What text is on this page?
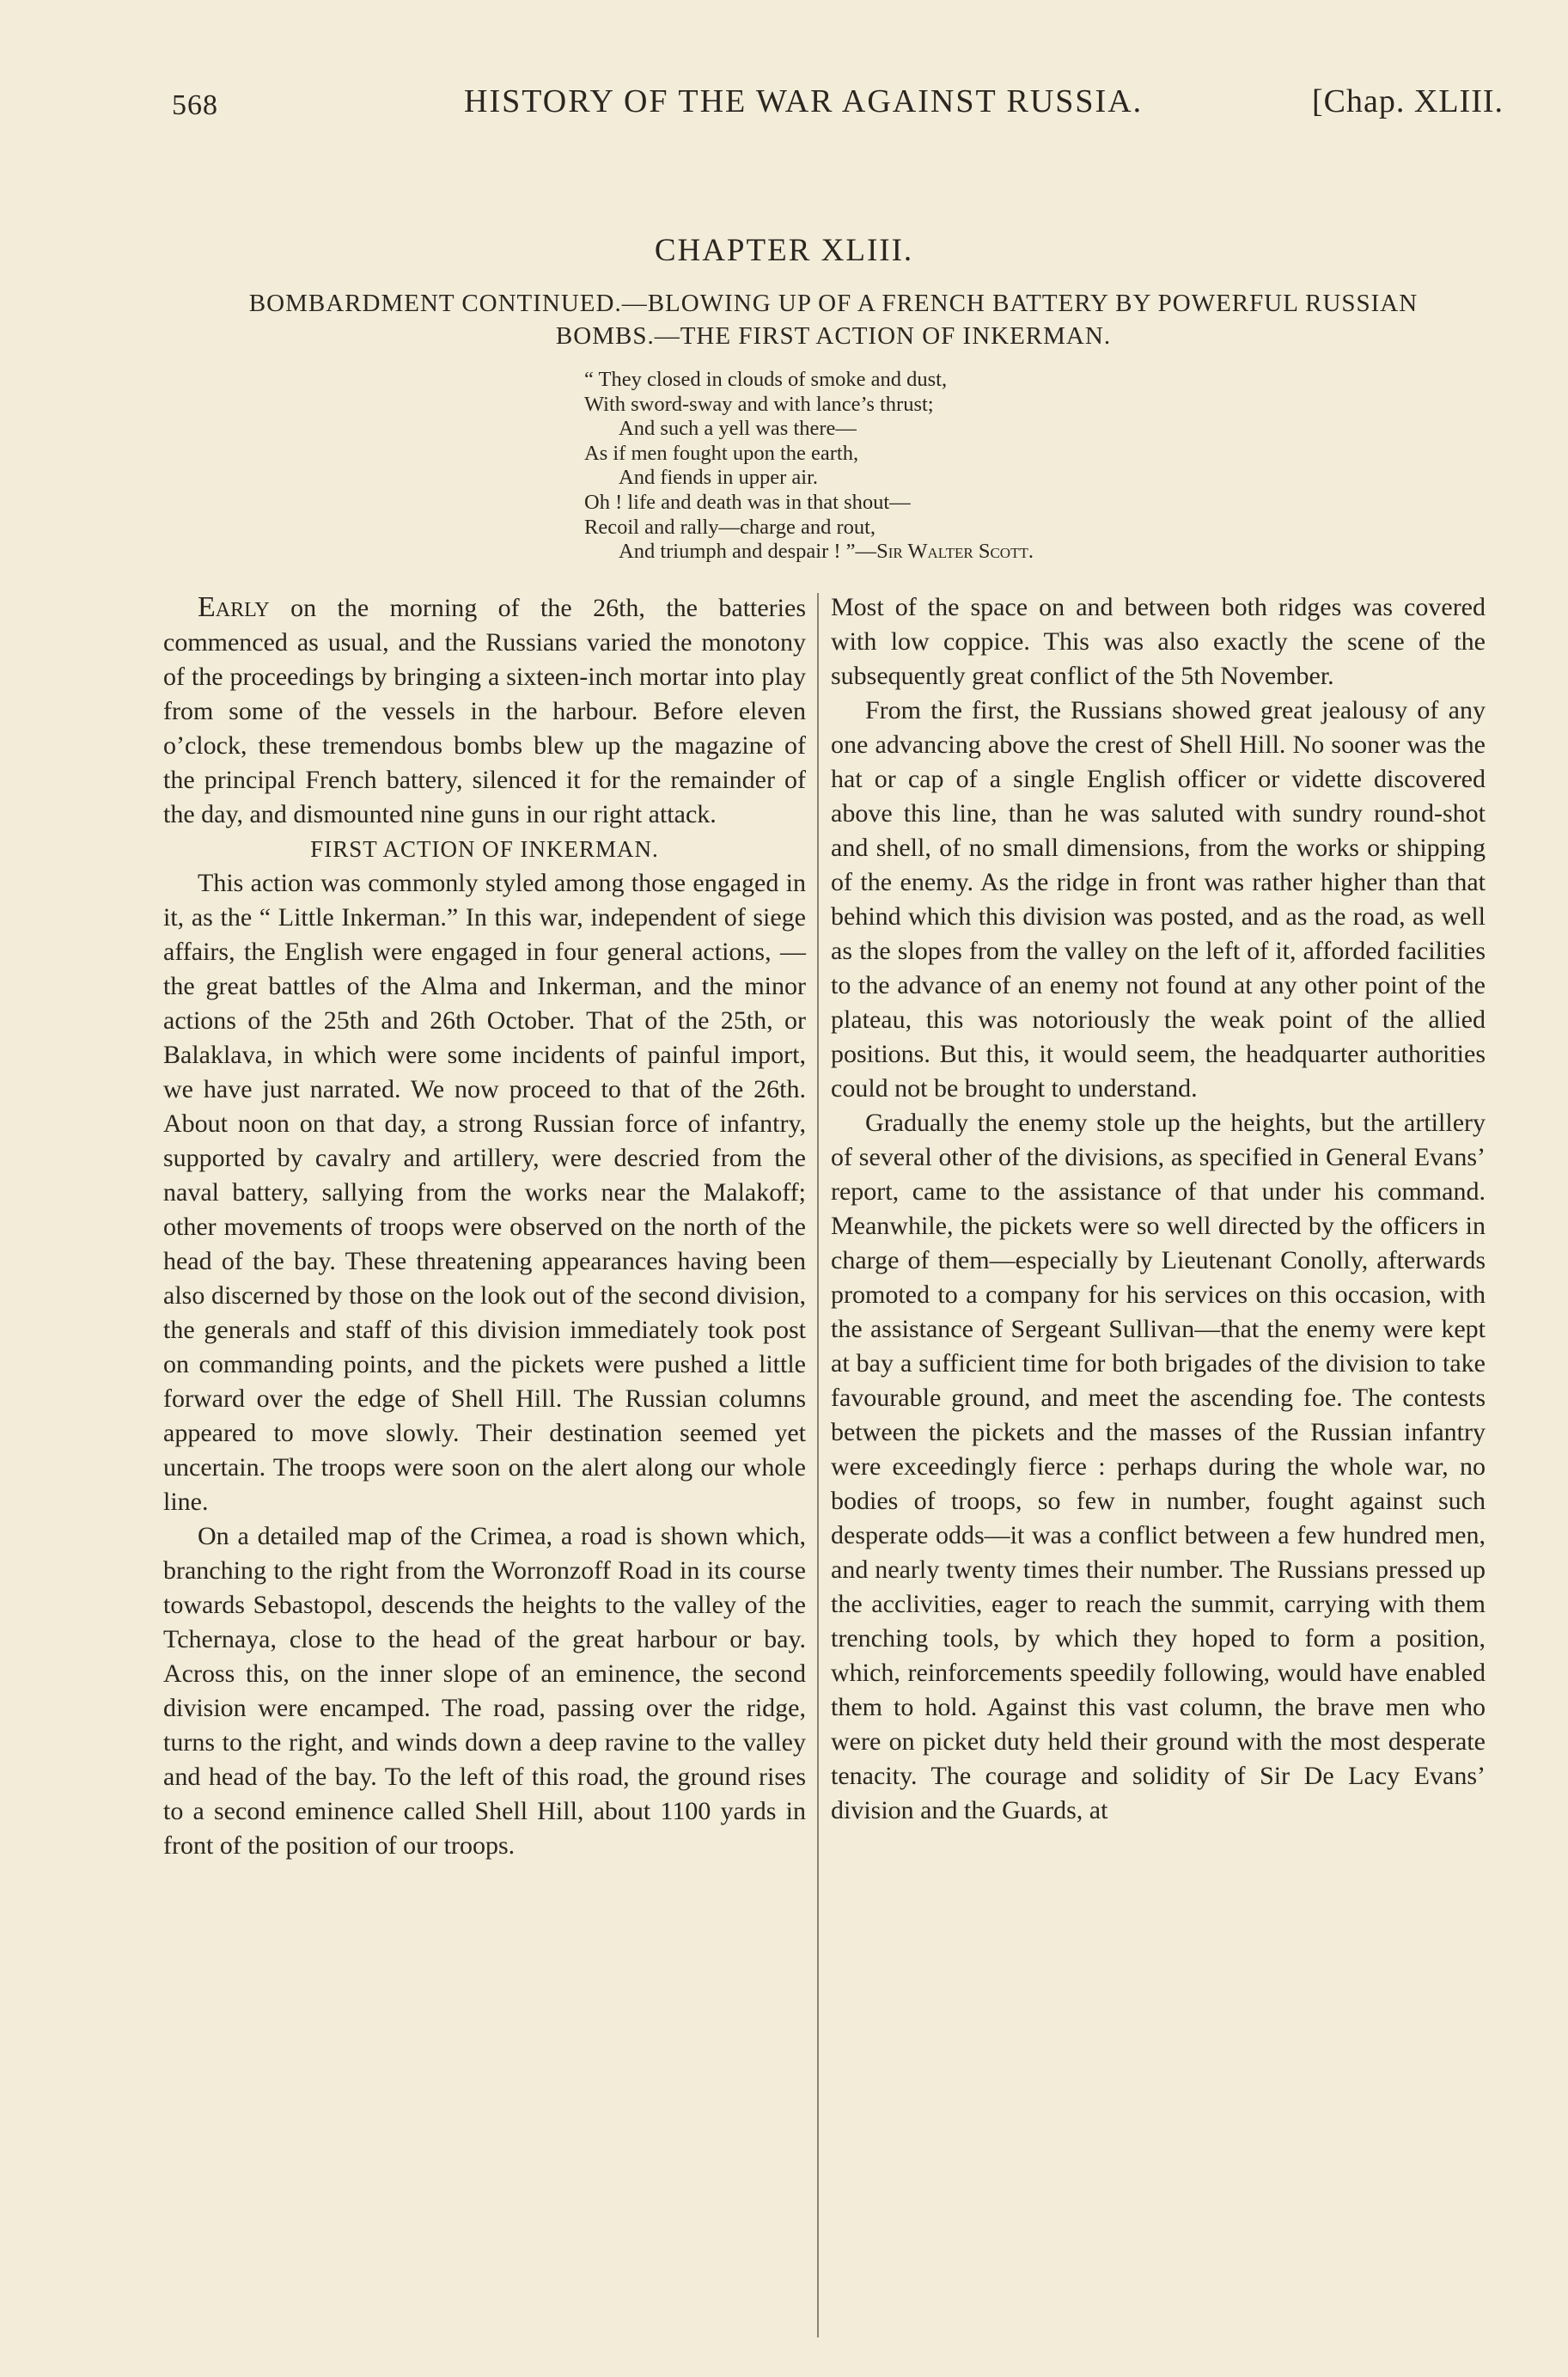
568	HISTORY OF THE WAR AGAINST RUSSIA.	[Chap. XLIII.
CHAPTER XLIII.
BOMBARDMENT CONTINUED.—BLOWING UP OF A FRENCH BATTERY BY POWERFUL RUSSIAN
BOMBS.—THE FIRST ACTION OF INKERMAN.
“ They closed in clouds of smoke and dust,
With sword-sway and with lance’s thrust;
And such a yell was there—
As if men fought upon the earth,
And fiends in upper air.
Oh ! life and death was in that shout—
Recoil and rally—charge and rout,
And triumph and despair ! ”—Sir Walter Scott.

Early on the morning of the 26th, the batteries commenced as usual, and the Russians varied the monotony of the proceedings by bringing a sixteen-inch mortar into play from some of the vessels in the harbour. Before eleven o’clock, these tremendous bombs blew up the magazine of the principal French battery, silenced it for the remainder of the day, and dismounted nine guns in our right attack.

FIRST ACTION OF INKERMAN.

This action was commonly styled among those engaged in it, as the “ Little Inkerman.” In this war, independent of siege affairs, the English were engaged in four general actions, —the great battles of the Alma and Inkerman, and the minor actions of the 25th and 26th October. That of the 25th, or Balaklava, in which were some incidents of painful import, we have just narrated. We now proceed to that of the 26th. About noon on that day, a strong Russian force of infantry, supported by cavalry and artillery, were descried from the naval battery, sallying from the works near the Malakoff; other movements of troops were observed on the north of the head of the bay. These threatening appearances having been also discerned by those on the look out of the second division, the generals and staff of this division immediately took post on commanding points, and the pickets were pushed a little forward over the edge of Shell Hill. The Russian columns appeared to move slowly. Their destination seemed yet uncertain. The troops were soon on the alert along our whole line.

On a detailed map of the Crimea, a road is shown which, branching to the right from the Worronzoff Road in its course towards Sebastopol, descends the heights to the valley of the Tchernaya, close to the head of the great harbour or bay. Across this, on the inner slope of an eminence, the second division were encamped. The road, passing over the ridge, turns to the right, and winds down a deep ravine to the valley and head of the bay. To the left of this road, the ground rises to a second eminence called Shell Hill, about 1100 yards in front of the position of our troops.

Most of the space on and between both ridges was covered with low coppice. This was also exactly the scene of the subsequently great conflict of the 5th November.

From the first, the Russians showed great jealousy of any one advancing above the crest of Shell Hill. No sooner was the hat or cap of a single English officer or vidette discovered above this line, than he was saluted with sundry round-shot and shell, of no small dimensions, from the works or shipping of the enemy. As the ridge in front was rather higher than that behind which this division was posted, and as the road, as well as the slopes from the valley on the left of it, afforded facilities to the advance of an enemy not found at any other point of the plateau, this was notoriously the weak point of the allied positions. But this, it would seem, the headquarter authorities could not be brought to understand.

Gradually the enemy stole up the heights, but the artillery of several other of the divisions, as specified in General Evans’ report, came to the assistance of that under his command. Meanwhile, the pickets were so well directed by the officers in charge of them—especially by Lieutenant Conolly, afterwards promoted to a company for his services on this occasion, with the assistance of Sergeant Sullivan—that the enemy were kept at bay a sufficient time for both brigades of the division to take favourable ground, and meet the ascending foe. The contests between the pickets and the masses of the Russian infantry were exceedingly fierce : perhaps during the whole war, no bodies of troops, so few in number, fought against such desperate odds—it was a conflict between a few hundred men, and nearly twenty times their number. The Russians pressed up the acclivities, eager to reach the summit, carrying with them trenching tools, by which they hoped to form a position, which, reinforcements speedily following, would have enabled them to hold. Against this vast column, the brave men who were on picket duty held their ground with the most desperate tenacity. The courage and solidity of Sir De Lacy Evans’ division and the Guards, at
